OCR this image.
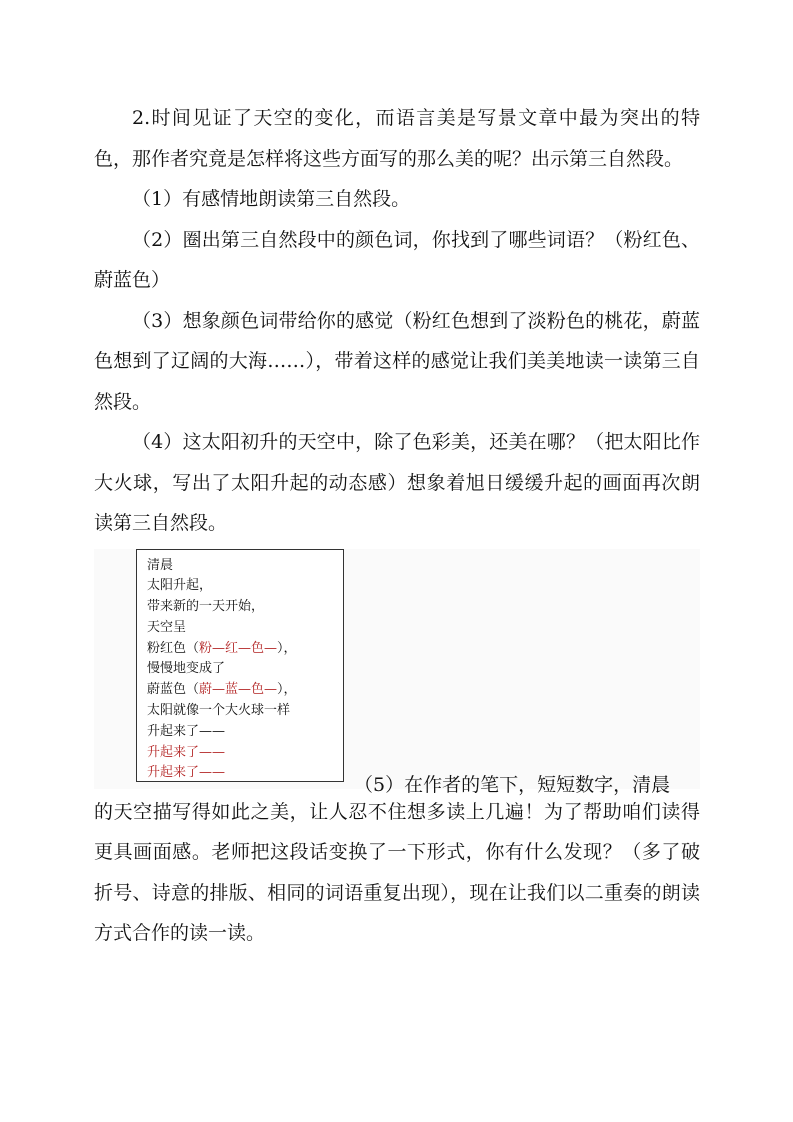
2.时间见证了天空的变化，而语言美是写景文章中最为突出的特色，那作者究竟是怎样将这些方面写的那么美的呢？出示第三自然段。

（1）有感情地朗读第三自然段。

（2）圈出第三自然段中的颜色词，你找到了哪些词语？（粉红色、蔚蓝色）

（3）想象颜色词带给你的感觉（粉红色想到了淡粉色的桃花，蔚蓝色想到了辽阔的大海……），带着这样的感觉让我们美美地读一读第三自然段。

（4）这太阳初升的天空中，除了色彩美，还美在哪？（把太阳比作大火球，写出了太阳升起的动态感）想象着旭日缓缓升起的画面再次朗读第三自然段。

清晨
太阳升起，
带来新的一天开始，
天空呈
粉红色（粉—红—色—），
慢慢地变成了
蔚蓝色（蔚—蓝—色—），
太阳就像一个大火球一样
升起来了——
升起来了——
升起来了——
（5）在作者的笔下，短短数字，清晨

的天空描写得如此之美，让人忍不住想多读上几遍！为了帮助咱们读得更具画面感。老师把这段话变换了一下形式，你有什么发现？（多了破折号、诗意的排版、相同的词语重复出现），现在让我们以二重奏的朗读方式合作的读一读。
